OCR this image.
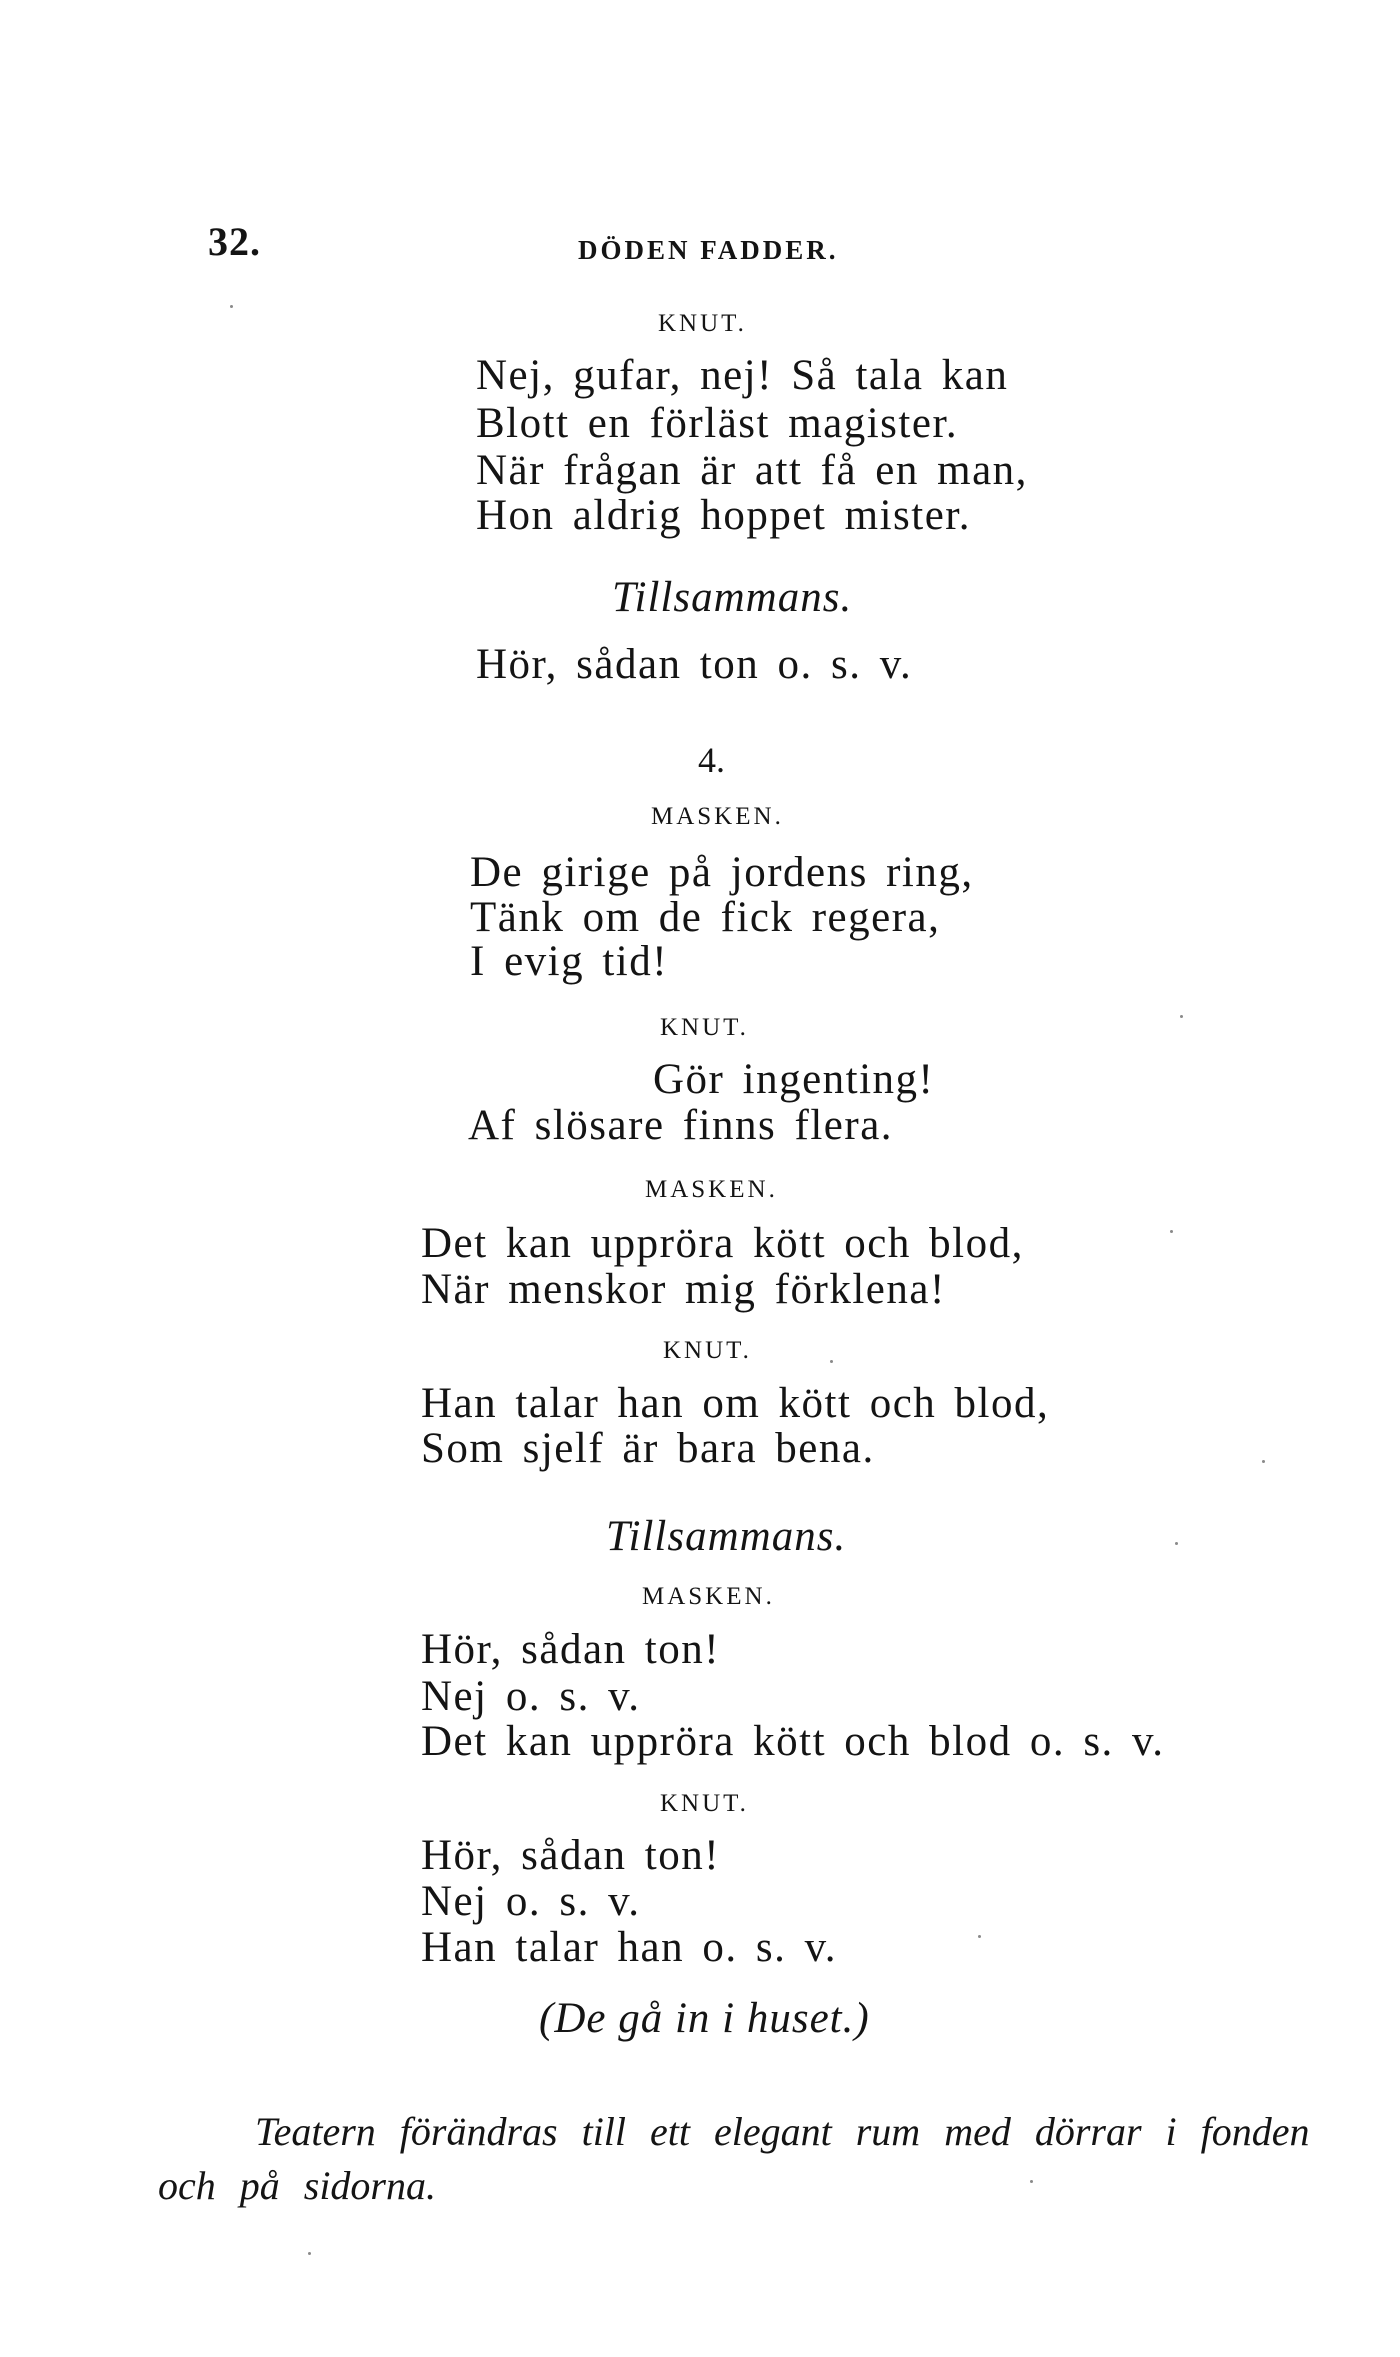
32.	DÖDEN FADDER.
KNUT.
Nej, gufar, nej! Så tala kan
Blott en förläst magister.
När frågan är att få en man,
Hon aldrig hoppet mister.
Tillsammans.
Hör, sådan ton o. s. v.
4.
MASKEN.
De girige på jordens ring,
Tänk om de fick regera,
I evig tid!
KNUT.
Gör ingenting!
Af slösare finns flera.
MASKEN.
Det kan uppröra kött och blod,
När menskor mig förklena!
KNUT.
Han talar han om kött och blod,
Som sjelf är bara bena.
Tillsammans.
MASKEN.
Hör, sådan ton!
Nej o. s. v.
Det kan uppröra kött och blod o. s. v.
KNUT.
Hör, sådan ton!
Nej o. s. v.
Han talar han o. s. v.
(De gå in i huset.)
Teatern förändras till ett elegant rum med dörrar i fonden
och på sidorna.
